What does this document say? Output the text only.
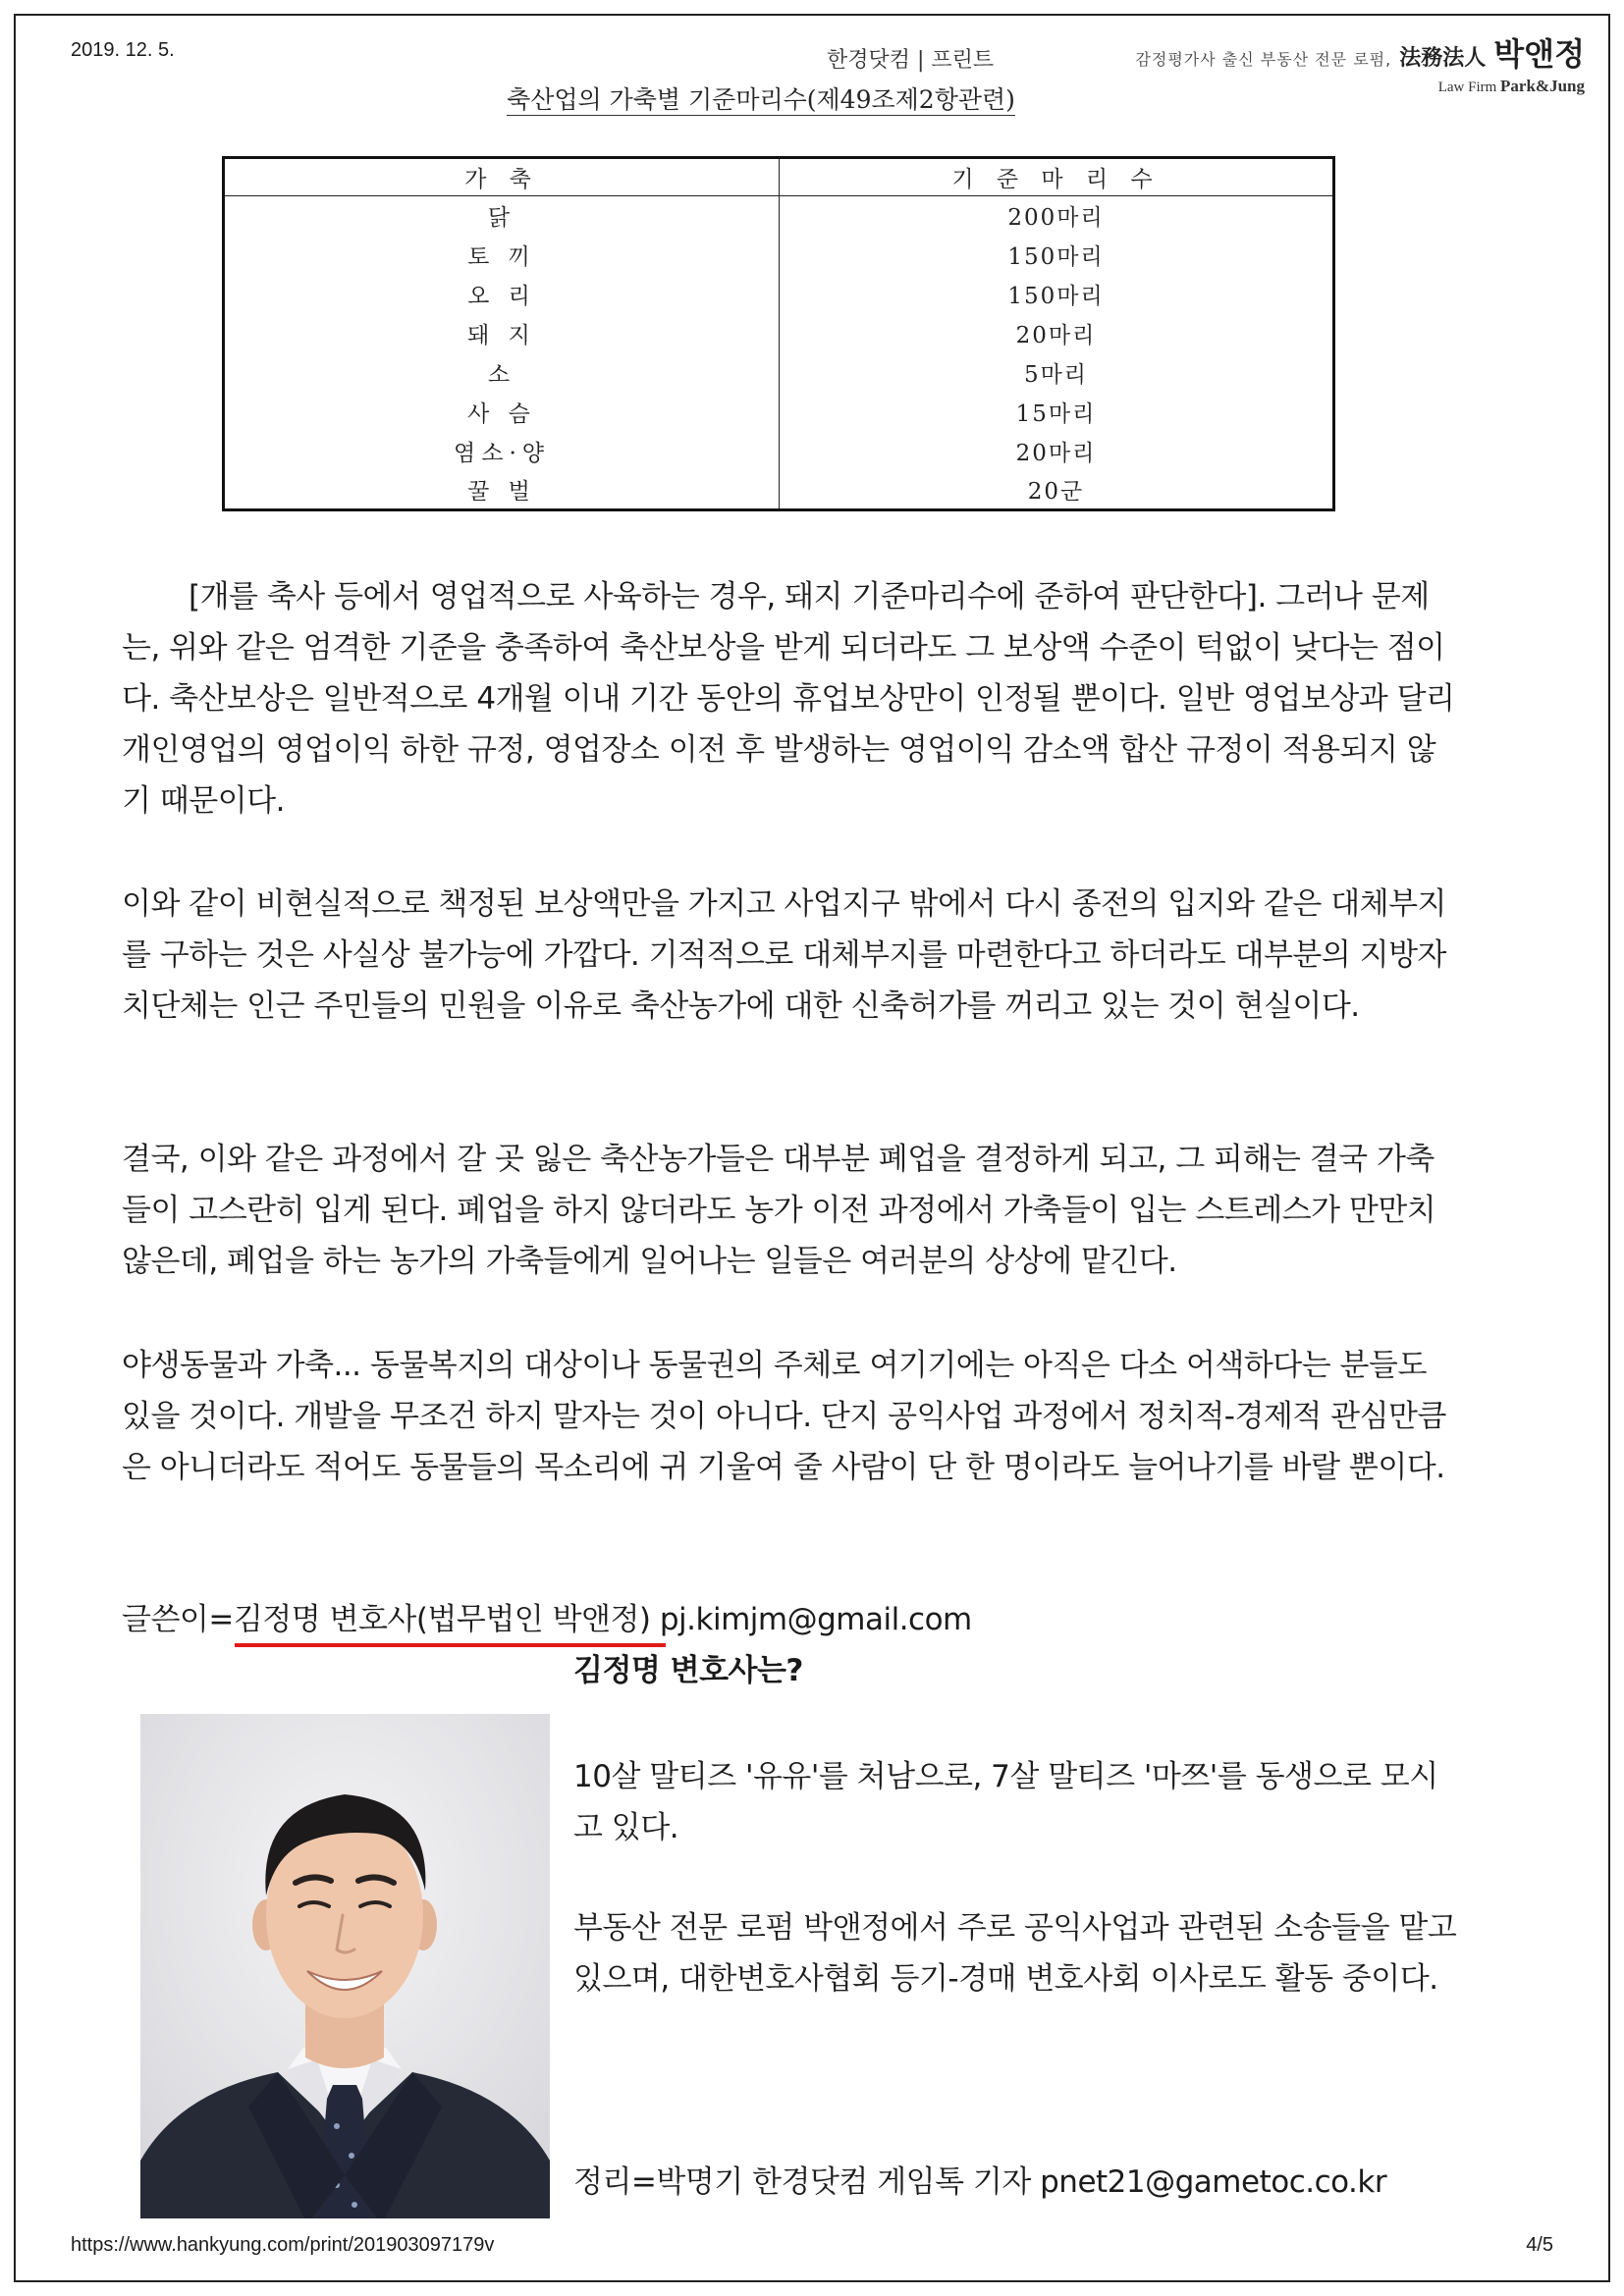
2019. 12. 5.	한경닷컴 | 프린트	감정평가사 출신 부동산 전문 로펌, 法務法人 박앤정
Law Firm Park&Jung
축산업의 가축별 기준마리수(제49조제2항관련)
가 축	기 준 마 리 수
닭	200마리
토 끼	150마리
오 리	150마리
돼 지	20마리
소	5마리
사 슴	15마리
염소·양	20마리
꿀 벌	20군
[개를 축사 등에서 영업적으로 사육하는 경우, 돼지 기준마리수에 준하여 판단한다]. 그러나 문제는, 위와 같은 엄격한 기준을 충족하여 축산보상을 받게 되더라도 그 보상액 수준이 턱없이 낮다는 점이다. 축산보상은 일반적으로 4개월 이내 기간 동안의 휴업보상만이 인정될 뿐이다. 일반 영업보상과 달리 개인영업의 영업이익 하한 규정, 영업장소 이전 후 발생하는 영업이익 감소액 합산 규정이 적용되지 않기 때문이다.
이와 같이 비현실적으로 책정된 보상액만을 가지고 사업지구 밖에서 다시 종전의 입지와 같은 대체부지를 구하는 것은 사실상 불가능에 가깝다. 기적적으로 대체부지를 마련한다고 하더라도 대부분의 지방자치단체는 인근 주민들의 민원을 이유로 축산농가에 대한 신축허가를 꺼리고 있는 것이 현실이다.
결국, 이와 같은 과정에서 갈 곳 잃은 축산농가들은 대부분 폐업을 결정하게 되고, 그 피해는 결국 가축들이 고스란히 입게 된다. 폐업을 하지 않더라도 농가 이전 과정에서 가축들이 입는 스트레스가 만만치 않은데, 폐업을 하는 농가의 가축들에게 일어나는 일들은 여러분의 상상에 맡긴다.
야생동물과 가축... 동물복지의 대상이나 동물권의 주체로 여기기에는 아직은 다소 어색하다는 분들도 있을 것이다. 개발을 무조건 하지 말자는 것이 아니다. 단지 공익사업 과정에서 정치적-경제적 관심만큼은 아니더라도 적어도 동물들의 목소리에 귀 기울여 줄 사람이 단 한 명이라도 늘어나기를 바랄 뿐이다.
글쓴이=김정명 변호사(법무법인 박앤정) pj.kimjm@gmail.com
김정명 변호사는?
10살 말티즈 '유유'를 처남으로, 7살 말티즈 '마쯔'를 동생으로 모시고 있다.
부동산 전문 로펌 박앤정에서 주로 공익사업과 관련된 소송들을 맡고 있으며, 대한변호사협회 등기-경매 변호사회 이사로도 활동 중이다.
정리=박명기 한경닷컴 게임톡 기자 pnet21@gametoc.co.kr
https://www.hankyung.com/print/201903097179v	4/5
